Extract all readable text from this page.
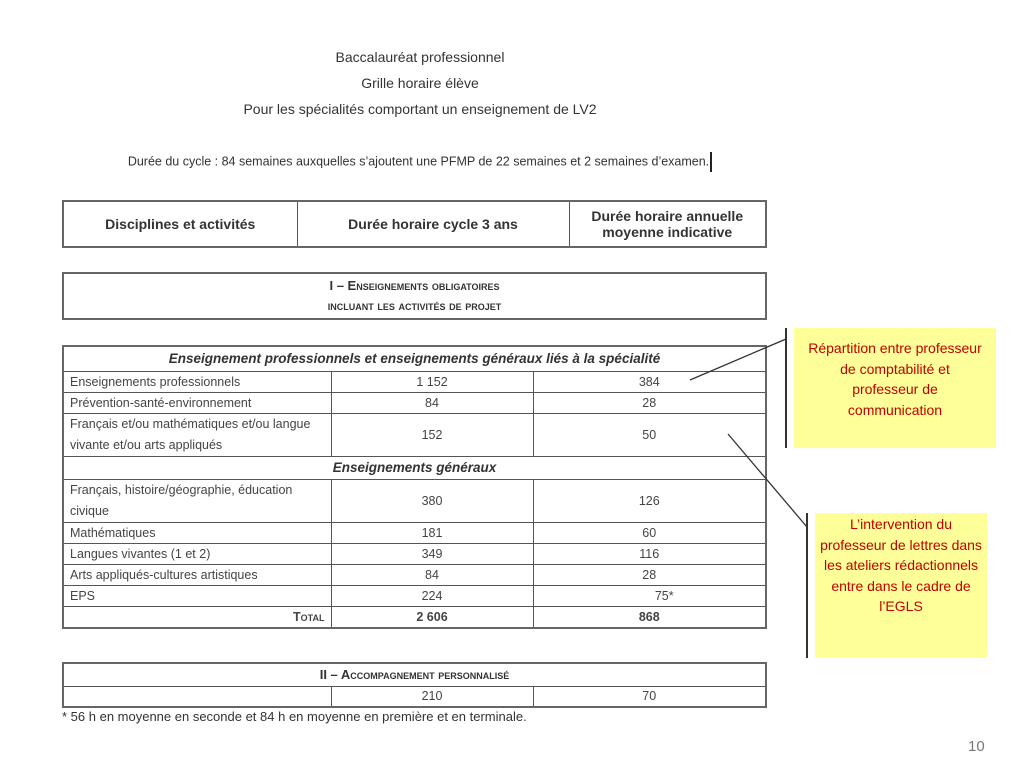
Baccalauréat professionnel
Grille horaire élève
Pour les spécialités comportant un enseignement de LV2
Durée du cycle : 84 semaines auxquelles s’ajoutent une PFMP de 22 semaines et 2 semaines d’examen.
Disciplines et activités	Durée horaire cycle 3 ans	Durée horaire annuelle
moyenne indicative
I – Enseignements obligatoires
incluant les activités de projet
Enseignement professionnels et enseignements généraux liés à la spécialité		
Enseignements professionnels	1 152	384
Prévention-santé-environnement	84	28
Français et/ou mathématiques et/ou langue vivante et/ou arts appliqués	152	50
Enseignements généraux		
Français, histoire/géographie, éducation civique	380	126
Mathématiques	181	60
Langues vivantes (1 et 2)	349	116
Arts appliqués-cultures artistiques	84	28
EPS	224	75*
Total	2 606	868
II – Accompagnement personnalisé
	210	70
* 56 h en moyenne en seconde et 84 h en moyenne en première et en terminale.
Répartition entre professeur de comptabilité et professeur de communication
L’intervention du professeur de lettres dans les ateliers rédactionnels entre dans le cadre de l’EGLS
10
